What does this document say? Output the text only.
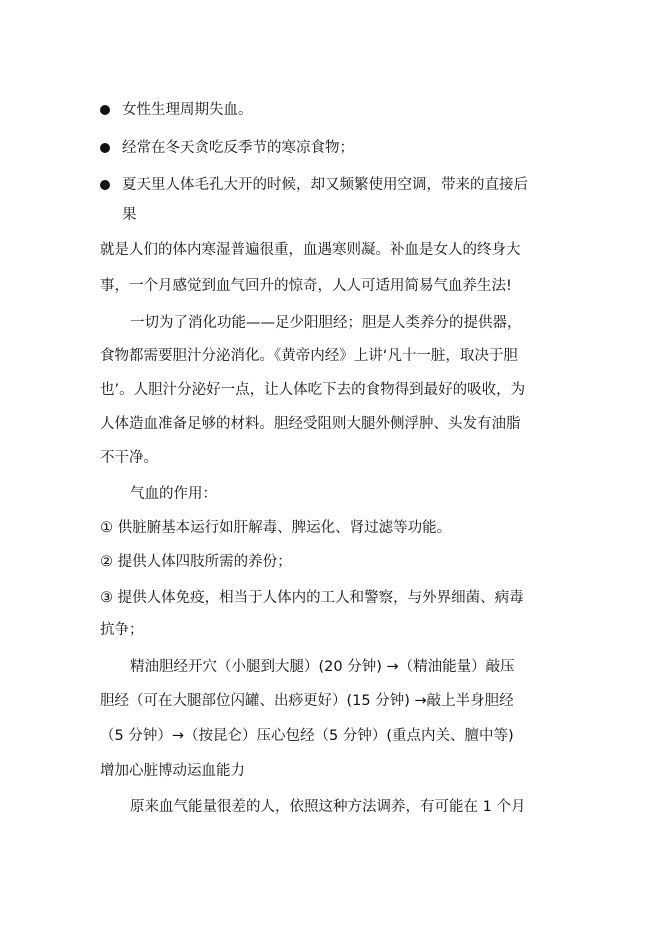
女性生理周期失血。
经常在冬天贪吃反季节的寒凉食物；
夏天里人体毛孔大开的时候，却又频繁使用空调，带来的直接后
果
就是人们的体内寒湿普遍很重，血遇寒则凝。补血是女人的终身大
事，一个月感觉到血气回升的惊奇，人人可适用简易气血养生法!
一切为了消化功能——足少阳胆经；胆是人类养分的提供器，
食物都需要胆汁分泌消化。《黄帝内经》上讲‘凡十一脏，取决于胆
也’。人胆汁分泌好一点，让人体吃下去的食物得到最好的吸收，为
人体造血准备足够的材料。胆经受阻则大腿外侧浮肿、头发有油脂
不干净。
气血的作用：
① 供脏腑基本运行如肝解毒、脾运化、肾过滤等功能。
② 提供人体四肢所需的养份；
③ 提供人体免疫，相当于人体内的工人和警察，与外界细菌、病毒
抗争；
精油胆经开穴（小腿到大腿）(20 分钟) →（精油能量）敲压
胆经（可在大腿部位闪罐、出痧更好）(15 分钟) →敲上半身胆经
（5 分钟）→（按昆仑）压心包经（5 分钟）(重点内关、膻中等)
增加心脏博动运血能力
原来血气能量很差的人，依照这种方法调养，有可能在 1 个月
